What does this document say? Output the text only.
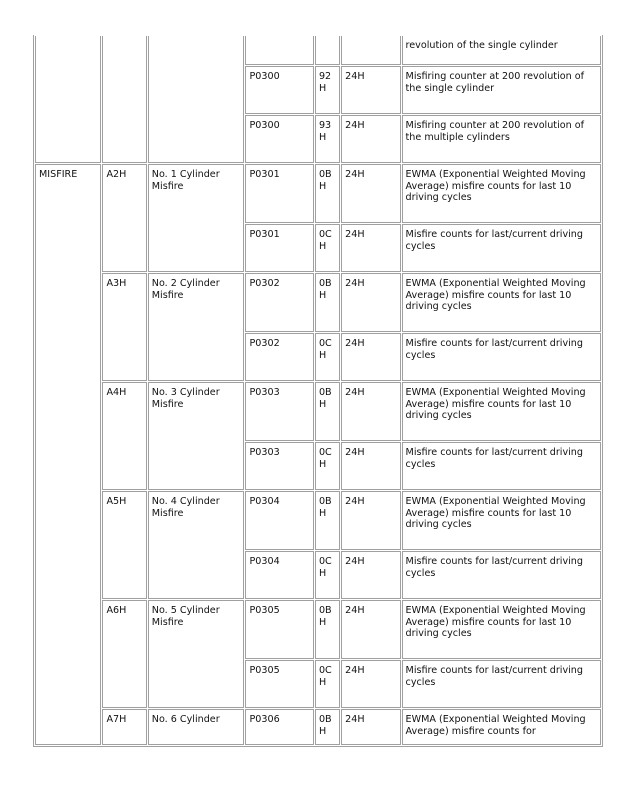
						revolution of the single cylinder
			P0300	92H	24H	Misfiring counter at 200 revolution of the single cylinder
			P0300	93H	24H	Misfiring counter at 200 revolution of the multiple cylinders
MISFIRE	A2H	No. 1 Cylinder Misfire	P0301	0BH	24H	EWMA (Exponential Weighted Moving Average) misfire counts for last 10 driving cycles
			P0301	0CH	24H	Misfire counts for last/current driving cycles
	A3H	No. 2 Cylinder Misfire	P0302	0BH	24H	EWMA (Exponential Weighted Moving Average) misfire counts for last 10 driving cycles
			P0302	0CH	24H	Misfire counts for last/current driving cycles
	A4H	No. 3 Cylinder Misfire	P0303	0BH	24H	EWMA (Exponential Weighted Moving Average) misfire counts for last 10 driving cycles
			P0303	0CH	24H	Misfire counts for last/current driving cycles
	A5H	No. 4 Cylinder Misfire	P0304	0BH	24H	EWMA (Exponential Weighted Moving Average) misfire counts for last 10 driving cycles
			P0304	0CH	24H	Misfire counts for last/current driving cycles
	A6H	No. 5 Cylinder Misfire	P0305	0BH	24H	EWMA (Exponential Weighted Moving Average) misfire counts for last 10 driving cycles
			P0305	0CH	24H	Misfire counts for last/current driving cycles
	A7H	No. 6 Cylinder	P0306	0BH	24H	EWMA (Exponential Weighted Moving Average) misfire counts for
